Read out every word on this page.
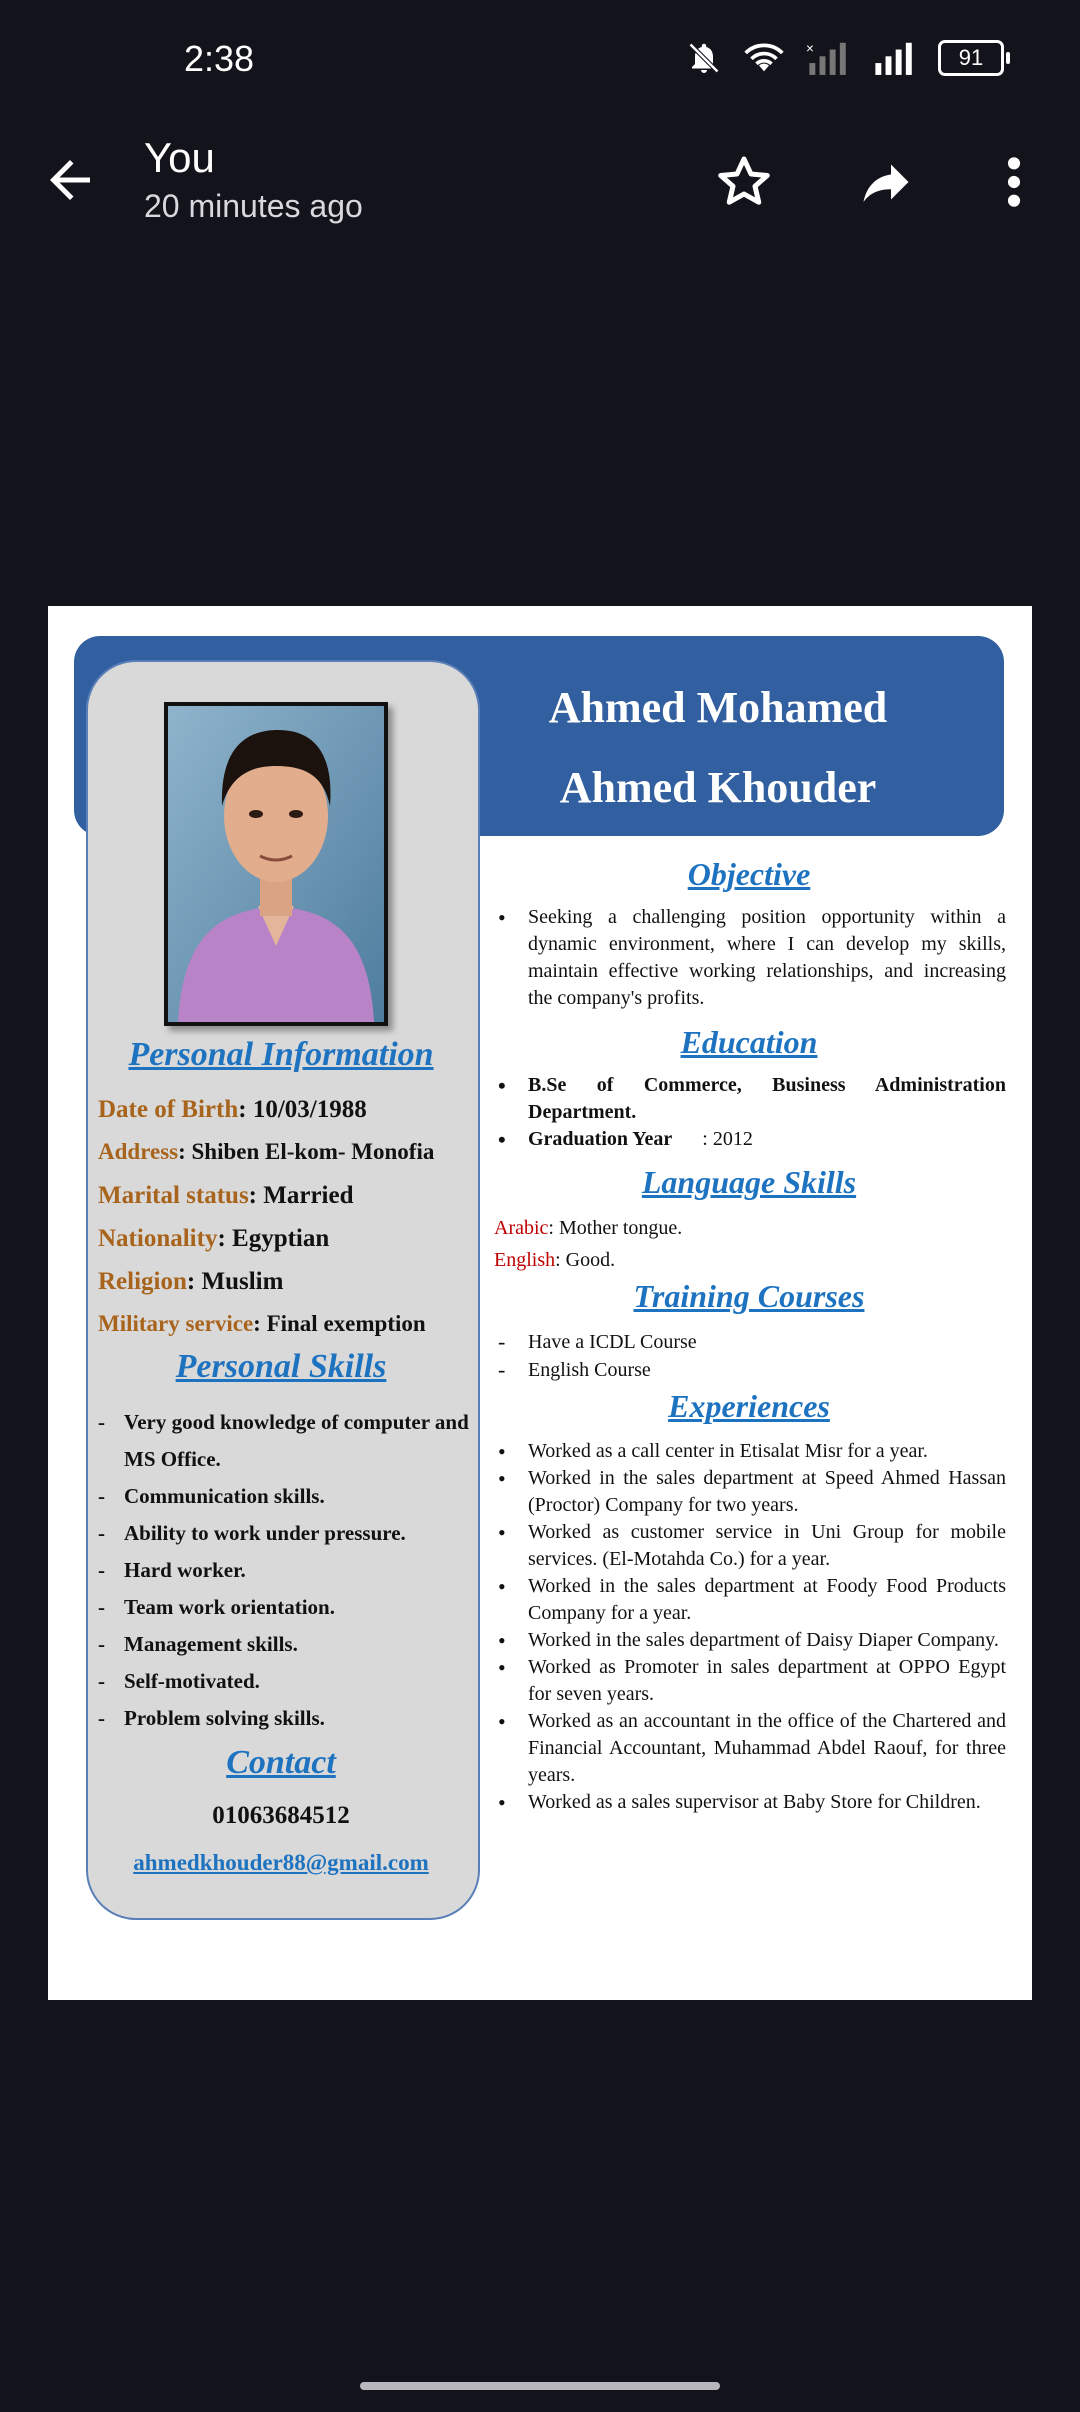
2:38	×	91
You
20 minutes ago
Ahmed Mohamed
Ahmed Khouder
Personal Information
Date of Birth: 10/03/1988
Address: Shiben El-kom- Monofia
Marital status: Married
Nationality: Egyptian
Religion: Muslim
Military service: Final exemption
Personal Skills
- Very good knowledge of computer and MS Office.
- Communication skills.
- Ability to work under pressure.
- Hard worker.
- Team work orientation.
- Management skills.
- Self-motivated.
- Problem solving skills.
Contact
01063684512
ahmedkhouder88@gmail.com
Objective
• Seeking a challenging position opportunity within a dynamic environment, where I can develop my skills, maintain effective working relationships, and increasing the company's profits.
Education
• B.Se of Commerce, Business Administration Department.
• Graduation Year : 2012
Language Skills
Arabic: Mother tongue.
English: Good.
Training Courses
- Have a ICDL Course
- English Course
Experiences
• Worked as a call center in Etisalat Misr for a year.
• Worked in the sales department at Speed Ahmed Hassan (Proctor) Company for two years.
• Worked as customer service in Uni Group for mobile services. (El-Motahda Co.) for a year.
• Worked in the sales department at Foody Food Products Company for a year.
• Worked in the sales department of Daisy Diaper Company.
• Worked as Promoter in sales department at OPPO Egypt for seven years.
• Worked as an accountant in the office of the Chartered and Financial Accountant, Muhammad Abdel Raouf, for three years.
• Worked as a sales supervisor at Baby Store for Children.
